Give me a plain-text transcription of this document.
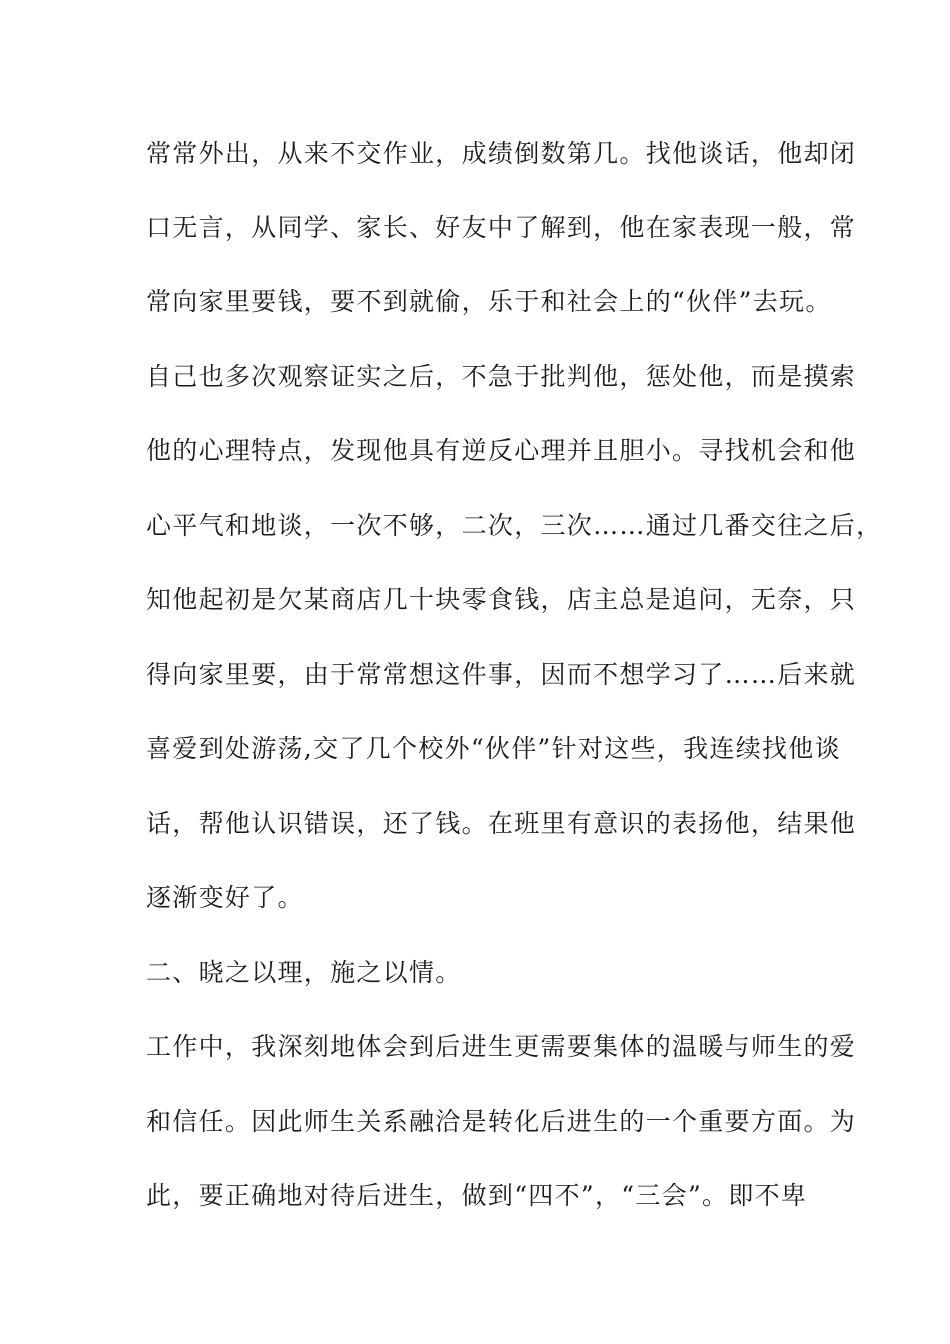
常常外出，从来不交作业，成绩倒数第几。找他谈话，他却闭
口无言，从同学、家长、好友中了解到，他在家表现一般，常
常向家里要钱，要不到就偷，乐于和社会上的“伙伴”去玩。
自己也多次观察证实之后，不急于批判他，惩处他，而是摸索
他的心理特点，发现他具有逆反心理并且胆小。寻找机会和他
心平气和地谈，一次不够，二次，三次……通过几番交往之后，
知他起初是欠某商店几十块零食钱，店主总是追问，无奈，只
得向家里要，由于常常想这件事，因而不想学习了……后来就
喜爱到处游荡,交了几个校外“伙伴”针对这些，我连续找他谈
话，帮他认识错误，还了钱。在班里有意识的表扬他，结果他
逐渐变好了。
二、晓之以理，施之以情。
工作中，我深刻地体会到后进生更需要集体的温暖与师生的爱
和信任。因此师生关系融洽是转化后进生的一个重要方面。为
此，要正确地对待后进生，做到“四不”，“三会”。即不卑
